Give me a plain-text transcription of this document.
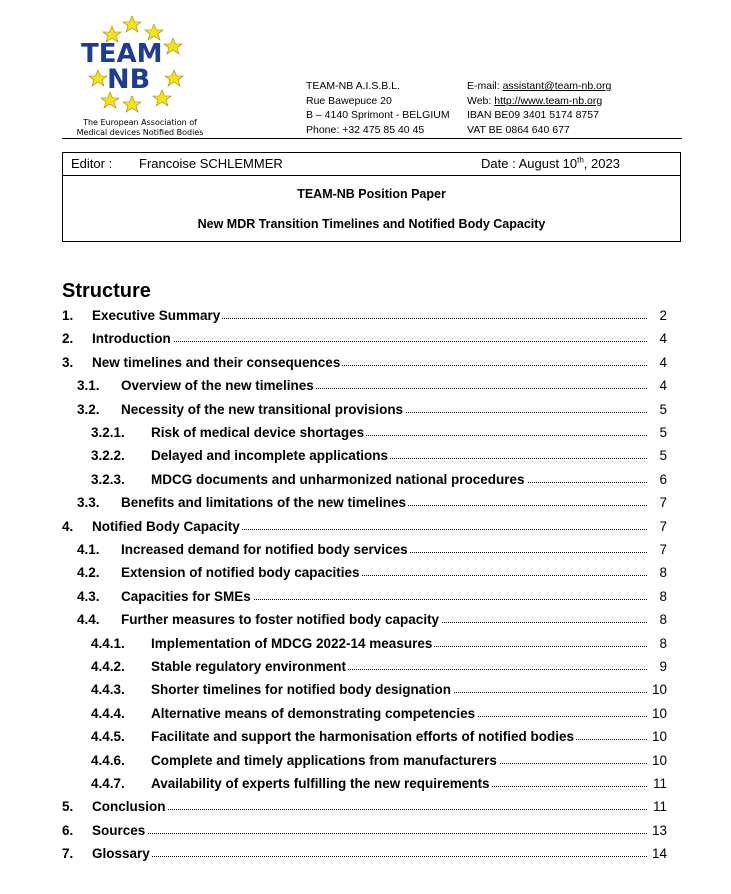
TEAM
NB
The European Association of
Medical devices Notified Bodies
TEAM-NB A.I.S.B.L.
Rue Bawepuce 20
B – 4140 Sprimont - BELGIUM
Phone: +32 475 85 40 45
E-mail: assistant@team-nb.org
Web: http://www.team-nb.org
IBAN BE09 3401 5174 8757
VAT BE 0864 640 677
Editor : Francoise SCHLEMMER	Date : August 10th, 2023
TEAM-NB Position Paper
New MDR Transition Timelines and Notified Body Capacity
Structure
1. Executive Summary	2
2. Introduction	4
3. New timelines and their consequences	4
3.1. Overview of the new timelines	4
3.2. Necessity of the new transitional provisions	5
3.2.1. Risk of medical device shortages	5
3.2.2. Delayed and incomplete applications	5
3.2.3. MDCG documents and unharmonized national procedures	6
3.3. Benefits and limitations of the new timelines	7
4. Notified Body Capacity	7
4.1. Increased demand for notified body services	7
4.2. Extension of notified body capacities	8
4.3. Capacities for SMEs	8
4.4. Further measures to foster notified body capacity	8
4.4.1. Implementation of MDCG 2022-14 measures	8
4.4.2. Stable regulatory environment	9
4.4.3. Shorter timelines for notified body designation	10
4.4.4. Alternative means of demonstrating competencies	10
4.4.5. Facilitate and support the harmonisation efforts of notified bodies	10
4.4.6. Complete and timely applications from manufacturers	10
4.4.7. Availability of experts fulfilling the new requirements	11
5. Conclusion	11
6. Sources	13
7. Glossary	14
